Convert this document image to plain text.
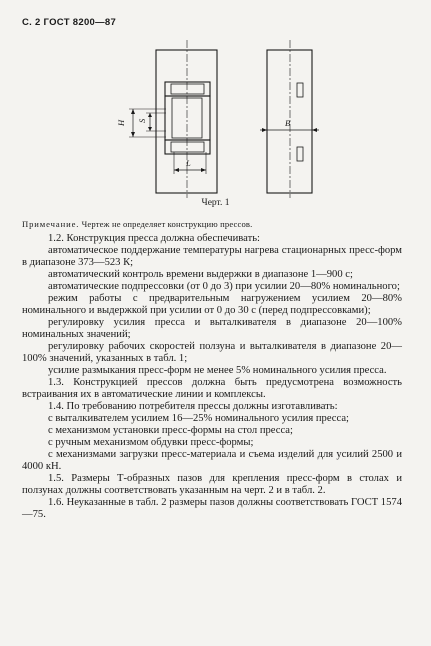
С. 2 ГОСТ 8200—87
Н S
L
В
Черт. 1
Примечание. Чертеж не определяет конструкцию прессов.

1.2. Конструкция пресса должна обеспечивать:

автоматическое поддержание температуры нагрева стационарных пресс-форм в диапазоне 373—523 К;

автоматический контроль времени выдержки в диапазоне 1—900 с;

автоматические подпрессовки (от 0 до 3) при усилии 20—80% номинального;

режим работы с предварительным нагружением усилием 20—80% номинального и выдержкой при усилии от 0 до 30 с (перед подпрессовками);

регулировку усилия пресса и выталкивателя в диапазоне 20—100% номинальных значений;

регулировку рабочих скоростей ползуна и выталкивателя в диапазоне 20—100% значений, указанных в табл. 1;

усилие размыкания пресс-форм не менее 5% номинального усилия пресса.

1.3. Конструкцией прессов должна быть предусмотрена возможность встраивания их в автоматические линии и комплексы.

1.4. По требованию потребителя прессы должны изготавливать:

с выталкивателем усилием 16—25% номинального усилия пресса;

с механизмом установки пресс-формы на стол пресса;

с ручным механизмом обдувки пресс-формы;

с механизмами загрузки пресс-материала и съема изделий для усилий 2500 и 4000 кН.

1.5. Размеры Т-образных пазов для крепления пресс-форм в столах и ползунах должны соответствовать указанным на черт. 2 и в табл. 2.

1.6. Неуказанные в табл. 2 размеры пазов должны соответствовать ГОСТ 1574—75.
